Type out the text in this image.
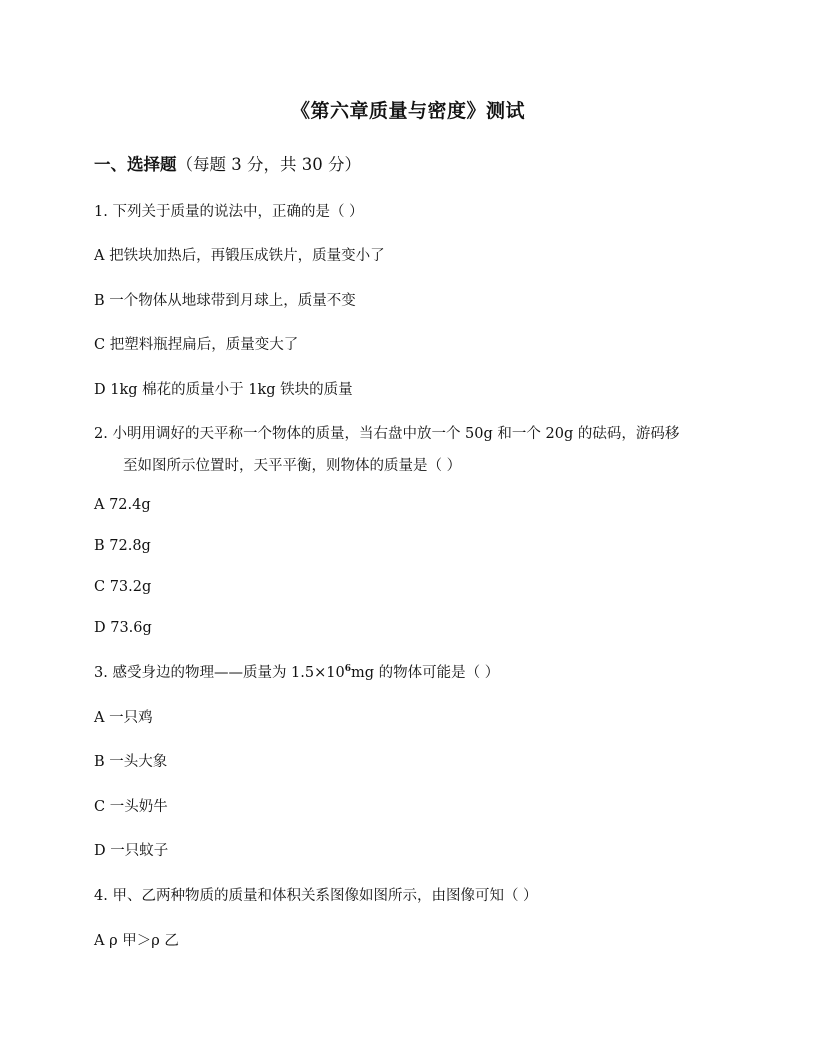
《第六章质量与密度》测试
一、选择题（每题 3 分，共 30 分）
1. 下列关于质量的说法中，正确的是（ ）
A 把铁块加热后，再锻压成铁片，质量变小了
B 一个物体从地球带到月球上，质量不变
C 把塑料瓶捏扁后，质量变大了
D 1kg 棉花的质量小于 1kg 铁块的质量
2. 小明用调好的天平称一个物体的质量，当右盘中放一个 50g 和一个 20g 的砝码，游码移
至如图所示位置时，天平平衡，则物体的质量是（ ）
A 72.4g
B 72.8g
C 73.2g
D 73.6g
3. 感受身边的物理——质量为 $1.5\times 10^6mg$ 的物体可能是（ ）
A 一只鸡
B 一头大象
C 一头奶牛
D 一只蚊子
4. 甲、乙两种物质的质量和体积关系图像如图所示，由图像可知（ ）
A ρ 甲＞ρ 乙
